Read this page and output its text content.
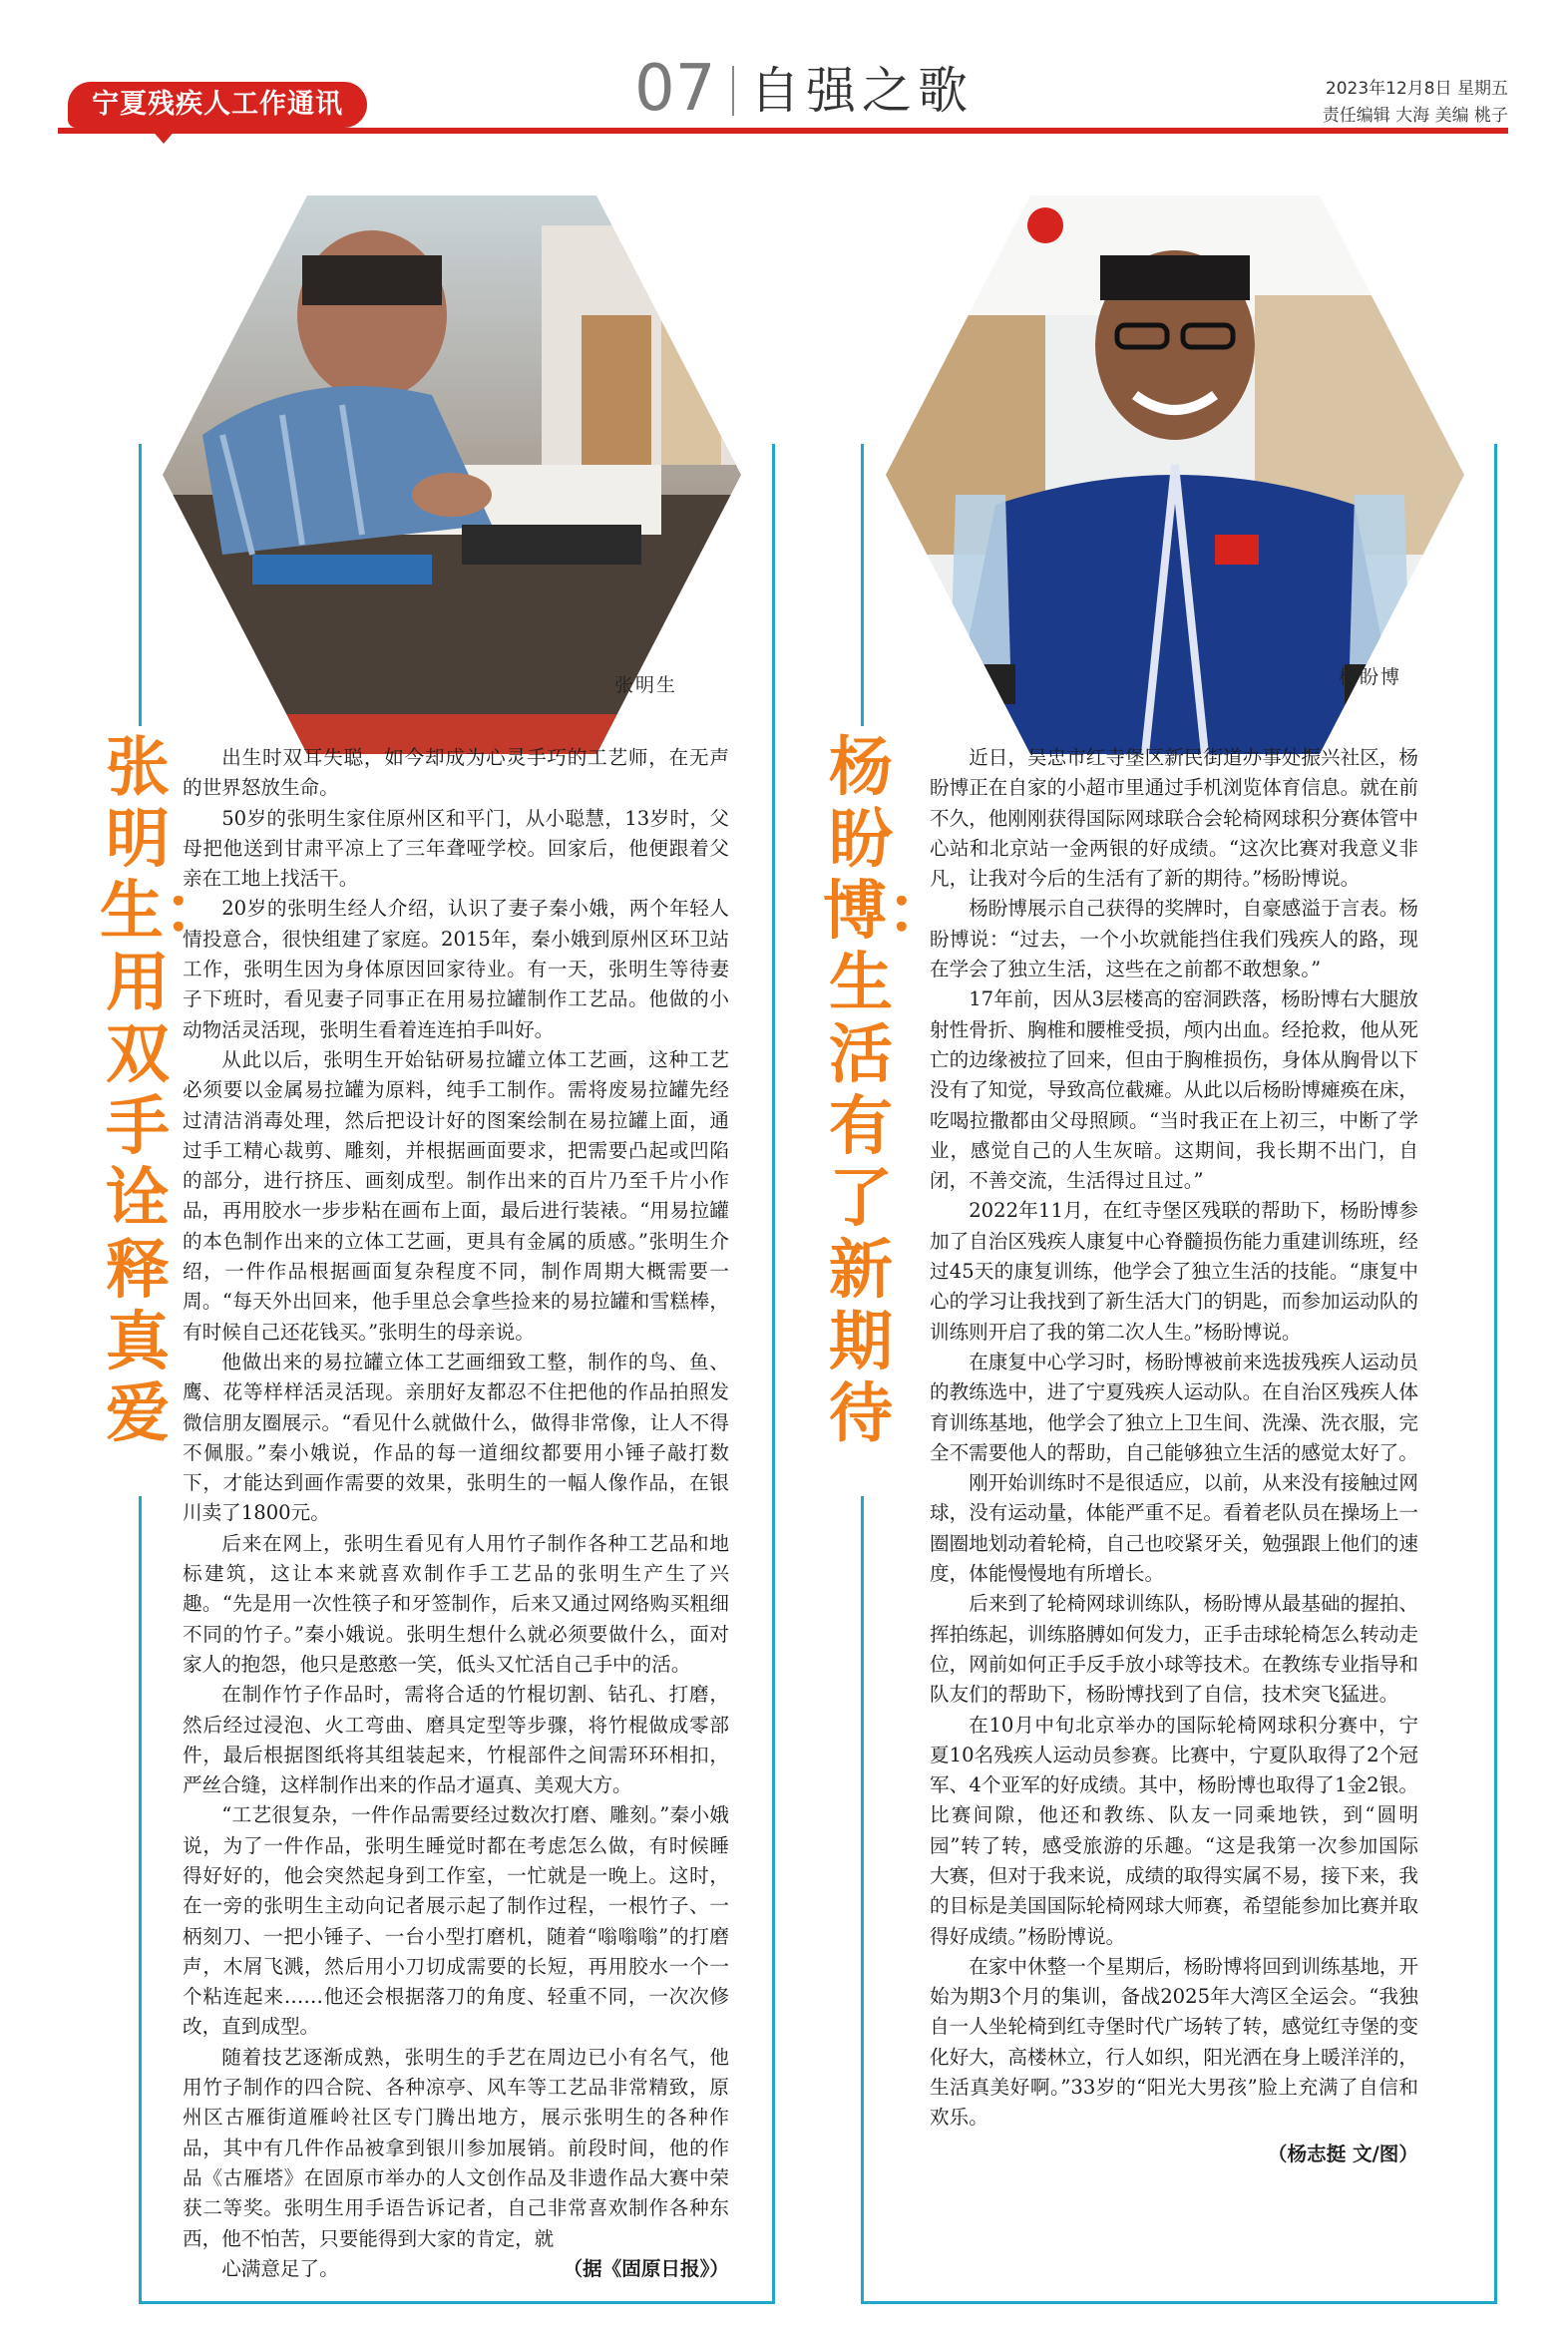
宁夏残疾人工作通讯	07 自强之歌	2023年12月8日 星期五
责任编辑 大海 美编 桃子
张明生	杨盼博
张明生：用双手诠释真爱
杨盼博：生活有了新期待

出生时双耳失聪，如今却成为心灵手巧的工艺师，在无声的世界怒放生命。

50岁的张明生家住原州区和平门，从小聪慧，13岁时，父母把他送到甘肃平凉上了三年聋哑学校。回家后，他便跟着父亲在工地上找活干。

20岁的张明生经人介绍，认识了妻子秦小娥，两个年轻人情投意合，很快组建了家庭。2015年，秦小娥到原州区环卫站工作，张明生因为身体原因回家待业。有一天，张明生等待妻子下班时，看见妻子同事正在用易拉罐制作工艺品。他做的小动物活灵活现，张明生看着连连拍手叫好。

从此以后，张明生开始钻研易拉罐立体工艺画，这种工艺必须要以金属易拉罐为原料，纯手工制作。需将废易拉罐先经过清洁消毒处理，然后把设计好的图案绘制在易拉罐上面，通过手工精心裁剪、雕刻，并根据画面要求，把需要凸起或凹陷的部分，进行挤压、画刻成型。制作出来的百片乃至千片小作品，再用胶水一步步粘在画布上面，最后进行装裱。“用易拉罐的本色制作出来的立体工艺画，更具有金属的质感。”张明生介绍，一件作品根据画面复杂程度不同，制作周期大概需要一周。“每天外出回来，他手里总会拿些捡来的易拉罐和雪糕棒，有时候自己还花钱买。”张明生的母亲说。

他做出来的易拉罐立体工艺画细致工整，制作的鸟、鱼、鹰、花等样样活灵活现。亲朋好友都忍不住把他的作品拍照发微信朋友圈展示。“看见什么就做什么，做得非常像，让人不得不佩服。”秦小娥说，作品的每一道细纹都要用小锤子敲打数下，才能达到画作需要的效果，张明生的一幅人像作品，在银川卖了1800元。

后来在网上，张明生看见有人用竹子制作各种工艺品和地标建筑，这让本来就喜欢制作手工艺品的张明生产生了兴趣。“先是用一次性筷子和牙签制作，后来又通过网络购买粗细不同的竹子。”秦小娥说。张明生想什么就必须要做什么，面对家人的抱怨，他只是憨憨一笑，低头又忙活自己手中的活。

在制作竹子作品时，需将合适的竹棍切割、钻孔、打磨，然后经过浸泡、火工弯曲、磨具定型等步骤，将竹棍做成零部件，最后根据图纸将其组装起来，竹棍部件之间需环环相扣，严丝合缝，这样制作出来的作品才逼真、美观大方。

“工艺很复杂，一件作品需要经过数次打磨、雕刻。”秦小娥说，为了一件作品，张明生睡觉时都在考虑怎么做，有时候睡得好好的，他会突然起身到工作室，一忙就是一晚上。这时，在一旁的张明生主动向记者展示起了制作过程，一根竹子、一柄刻刀、一把小锤子、一台小型打磨机，随着“嗡嗡嗡”的打磨声，木屑飞溅，然后用小刀切成需要的长短，再用胶水一个一个粘连起来……他还会根据落刀的角度、轻重不同，一次次修改，直到成型。

随着技艺逐渐成熟，张明生的手艺在周边已小有名气，他用竹子制作的四合院、各种凉亭、风车等工艺品非常精致，原州区古雁街道雁岭社区专门腾出地方，展示张明生的各种作品，其中有几件作品被拿到银川参加展销。前段时间，他的作品《古雁塔》在固原市举办的人文创作品及非遗作品大赛中荣获二等奖。张明生用手语告诉记者，自己非常喜欢制作各种东西，他不怕苦，只要能得到大家的肯定，就

心满意足了。	（据《固原日报》）

近日，吴忠市红寺堡区新民街道办事处振兴社区，杨盼博正在自家的小超市里通过手机浏览体育信息。就在前不久，他刚刚获得国际网球联合会轮椅网球积分赛体管中心站和北京站一金两银的好成绩。“这次比赛对我意义非凡，让我对今后的生活有了新的期待。”杨盼博说。

杨盼博展示自己获得的奖牌时，自豪感溢于言表。杨盼博说：“过去，一个小坎就能挡住我们残疾人的路，现在学会了独立生活，这些在之前都不敢想象。”

17年前，因从3层楼高的窑洞跌落，杨盼博右大腿放射性骨折、胸椎和腰椎受损，颅内出血。经抢救，他从死亡的边缘被拉了回来，但由于胸椎损伤，身体从胸骨以下没有了知觉，导致高位截瘫。从此以后杨盼博瘫痪在床，吃喝拉撒都由父母照顾。“当时我正在上初三，中断了学业，感觉自己的人生灰暗。这期间，我长期不出门，自闭，不善交流，生活得过且过。”

2022年11月，在红寺堡区残联的帮助下，杨盼博参加了自治区残疾人康复中心脊髓损伤能力重建训练班，经过45天的康复训练，他学会了独立生活的技能。“康复中心的学习让我找到了新生活大门的钥匙，而参加运动队的训练则开启了我的第二次人生。”杨盼博说。

在康复中心学习时，杨盼博被前来选拔残疾人运动员的教练选中，进了宁夏残疾人运动队。在自治区残疾人体育训练基地，他学会了独立上卫生间、洗澡、洗衣服，完全不需要他人的帮助，自己能够独立生活的感觉太好了。

刚开始训练时不是很适应，以前，从来没有接触过网球，没有运动量，体能严重不足。看着老队员在操场上一圈圈地划动着轮椅，自己也咬紧牙关，勉强跟上他们的速度，体能慢慢地有所增长。

后来到了轮椅网球训练队，杨盼博从最基础的握拍、挥拍练起，训练胳膊如何发力，正手击球轮椅怎么转动走位，网前如何正手反手放小球等技术。在教练专业指导和队友们的帮助下，杨盼博找到了自信，技术突飞猛进。

在10月中旬北京举办的国际轮椅网球积分赛中，宁夏10名残疾人运动员参赛。比赛中，宁夏队取得了2个冠军、4个亚军的好成绩。其中，杨盼博也取得了1金2银。比赛间隙，他还和教练、队友一同乘地铁，到“圆明园”转了转，感受旅游的乐趣。“这是我第一次参加国际大赛，但对于我来说，成绩的取得实属不易，接下来，我的目标是美国国际轮椅网球大师赛，希望能参加比赛并取得好成绩。”杨盼博说。

在家中休整一个星期后，杨盼博将回到训练基地，开始为期3个月的集训，备战2025年大湾区全运会。“我独自一人坐轮椅到红寺堡时代广场转了转，感觉红寺堡的变化好大，高楼林立，行人如织，阳光洒在身上暖洋洋的，生活真美好啊。”33岁的“阳光大男孩”脸上充满了自信和欢乐。

（杨志挺 文/图）
